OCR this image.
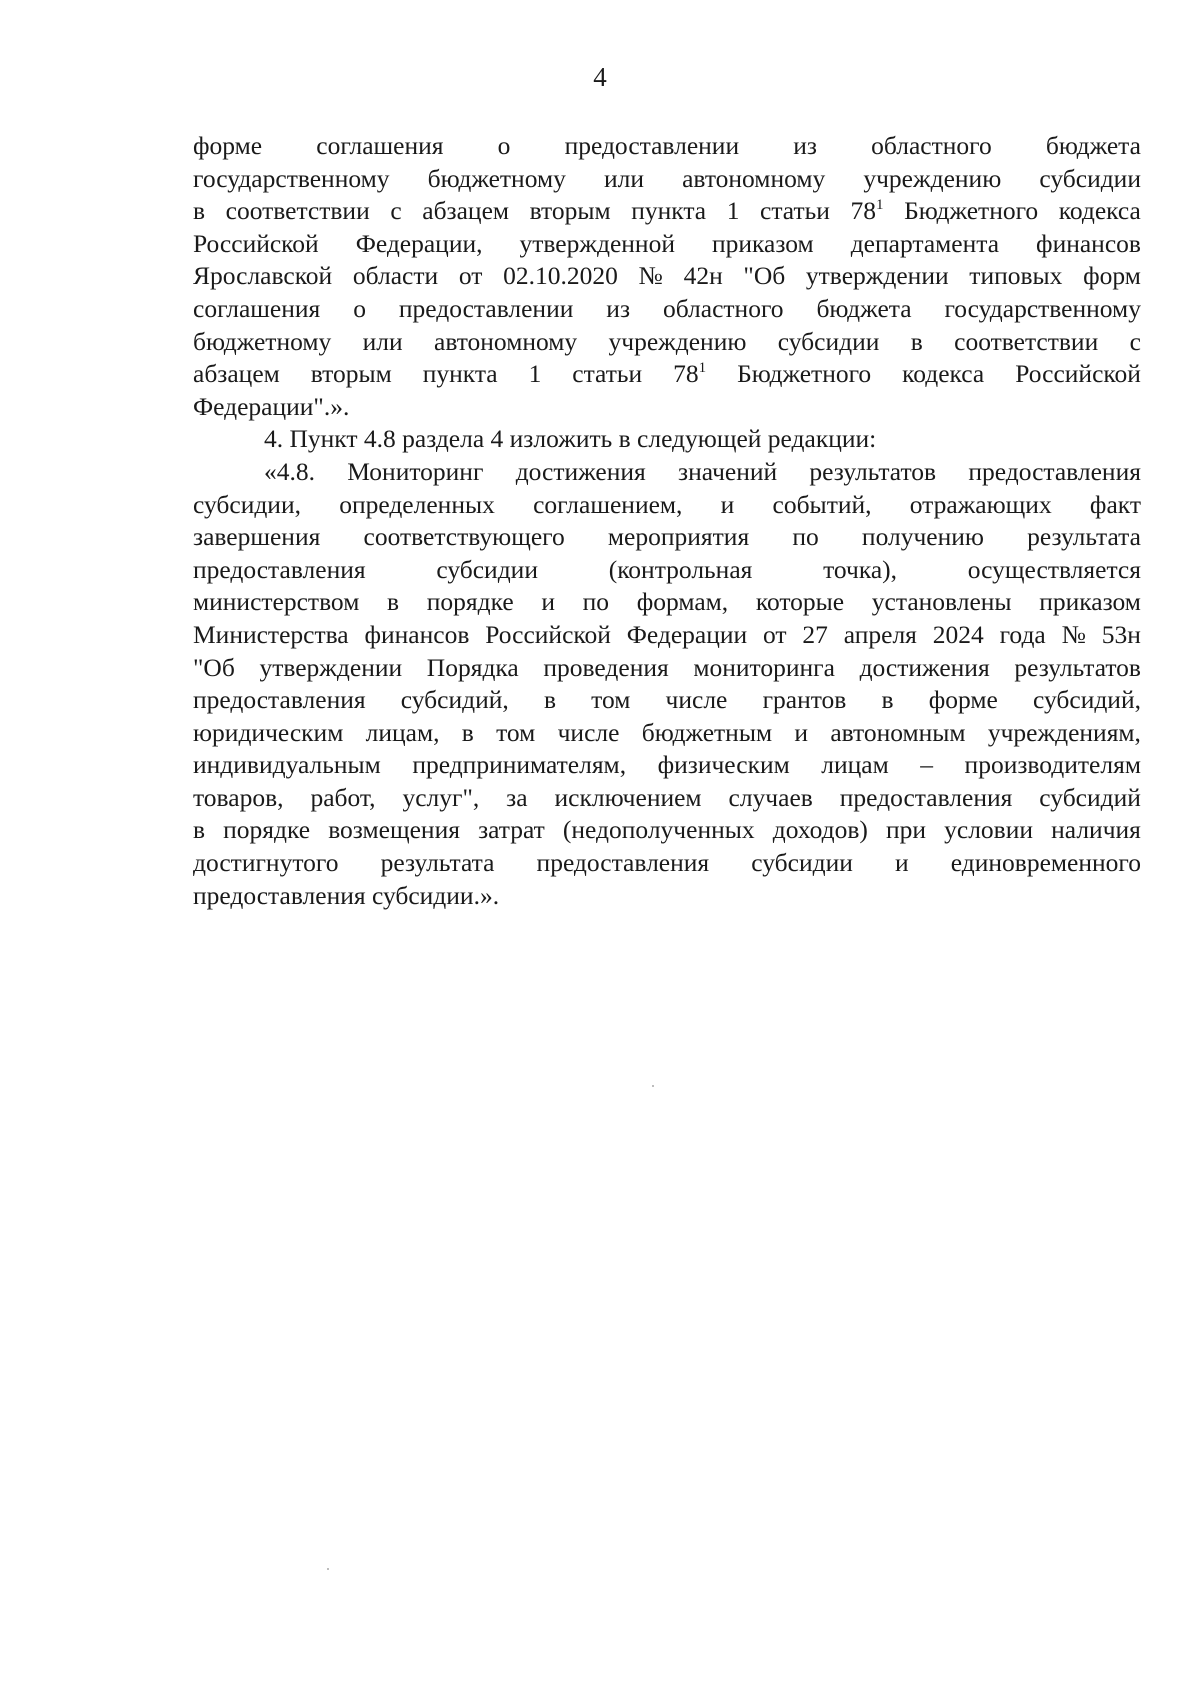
4
форме соглашения о предоставлении из областного бюджета
государственному бюджетному или автономному учреждению субсидии
в соответствии с абзацем вторым пункта 1 статьи $78^1$ Бюджетного кодекса
Российской Федерации, утвержденной приказом департамента финансов
Ярославской области от 02.10.2020 № 42н "Об утверждении типовых форм
соглашения о предоставлении из областного бюджета государственному
бюджетному или автономному учреждению субсидии в соответствии с
абзацем вторым пункта 1 статьи $78^1$ Бюджетного кодекса Российской
Федерации".».

4. Пункт 4.8 раздела 4 изложить в следующей редакции:

«4.8. Мониторинг достижения значений результатов предоставления
субсидии, определенных соглашением, и событий, отражающих факт
завершения соответствующего мероприятия по получению результата
предоставления	субсидии	(контрольная	точка),	осуществляется
министерством в порядке и по формам, которые установлены приказом
Министерства финансов Российской Федерации от 27 апреля 2024 года № 53н
"Об утверждении Порядка проведения мониторинга достижения результатов
предоставления субсидий, в том числе грантов в форме субсидий,
юридическим лицам, в том числе бюджетным и автономным учреждениям,
индивидуальным предпринимателям, физическим лицам – производителям
товаров, работ, услуг", за исключением случаев предоставления субсидий
в порядке возмещения затрат (недополученных доходов) при условии наличия
достигнутого результата предоставления субсидии и единовременного
предоставления субсидии.».
